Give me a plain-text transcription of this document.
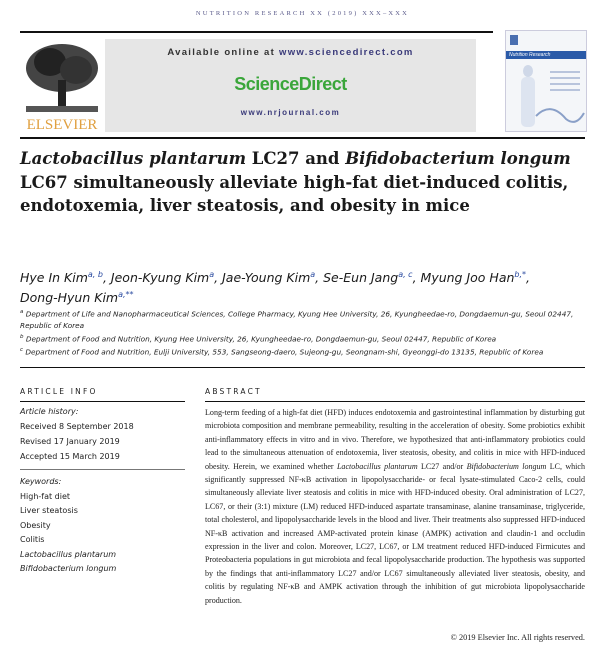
NUTRITION RESEARCH XX (2019) XXX–XXX
ELSEVIER
Available online at www.sciencedirect.com
ScienceDirect
www.nrjournal.com
Nutrition Research
Lactobacillus plantarum LC27 and Bifidobacterium longum LC67 simultaneously alleviate high-fat diet-induced colitis, endotoxemia, liver steatosis, and obesity in mice
Hye In Kim$^{a, b}$, Jeon-Kyung Kim$^a$, Jae-Young Kim$^a$, Se-Eun Jang$^{a, c}$, Myung Joo Han$^{b,*}$,
Dong-Hyun Kim$^{a,**}$
$^a$ Department of Life and Nanopharmaceutical Sciences, College Pharmacy, Kyung Hee University, 26, Kyungheedae-ro, Dongdaemun-gu, Seoul 02447, Republic of Korea
$^b$ Department of Food and Nutrition, Kyung Hee University, 26, Kyungheedae-ro, Dongdaemun-gu, Seoul 02447, Republic of Korea
$^c$ Department of Food and Nutrition, Eulji University, 553, Sangseong-daero, Sujeong-gu, Seongnam-shi, Gyeonggi-do 13135, Republic of Korea
ARTICLE INFO
Article history:
Received 8 September 2018
Revised 17 January 2019
Accepted 15 March 2019
Keywords:
High-fat diet
Liver steatosis
Obesity
Colitis
Lactobacillus plantarum
Bifidobacterium longum
ABSTRACT
Long-term feeding of a high-fat diet (HFD) induces endotoxemia and gastrointestinal inflammation by disturbing gut microbiota composition and membrane permeability, resulting in the acceleration of obesity. Some probiotics exhibit anti-inflammatory effects in vitro and in vivo. Therefore, we hypothesized that anti-inflammatory probiotics could lead to the simultaneous attenuation of endotoxemia, liver steatosis, obesity, and colitis in mice with HFD-induced obesity. Herein, we examined whether Lactobacillus plantarum LC27 and/or Bifidobacterium longum LC, which significantly suppressed NF-κB activation in lipopolysaccharide- or fecal lysate-stimulated Caco-2 cells, could simultaneously alleviate liver steatosis and colitis in mice with HFD-induced obesity. Oral administration of LC27, LC67, or their (3:1) mixture (LM) reduced HFD-induced aspartate transaminase, alanine transaminase, triglyceride, total cholesterol, and lipopolysaccharide levels in the blood and liver. Their treatments also suppressed HFD-induced NF-κB activation and increased AMP-activated protein kinase (AMPK) activation and claudin-1 and occludin expression in the liver and colon. Moreover, LC27, LC67, or LM treatment reduced HFD-induced Firmicutes and Proteobacteria populations in gut microbiota and fecal lipopolysaccharide production. The hypothesis was supported by the findings that anti-inflammatory LC27 and/or LC67 simultaneously alleviated liver steatosis, obesity, and colitis by regulating NF-κB and AMPK activation through the inhibition of gut microbiota lipopolysaccharide production.
© 2019 Elsevier Inc. All rights reserved.
